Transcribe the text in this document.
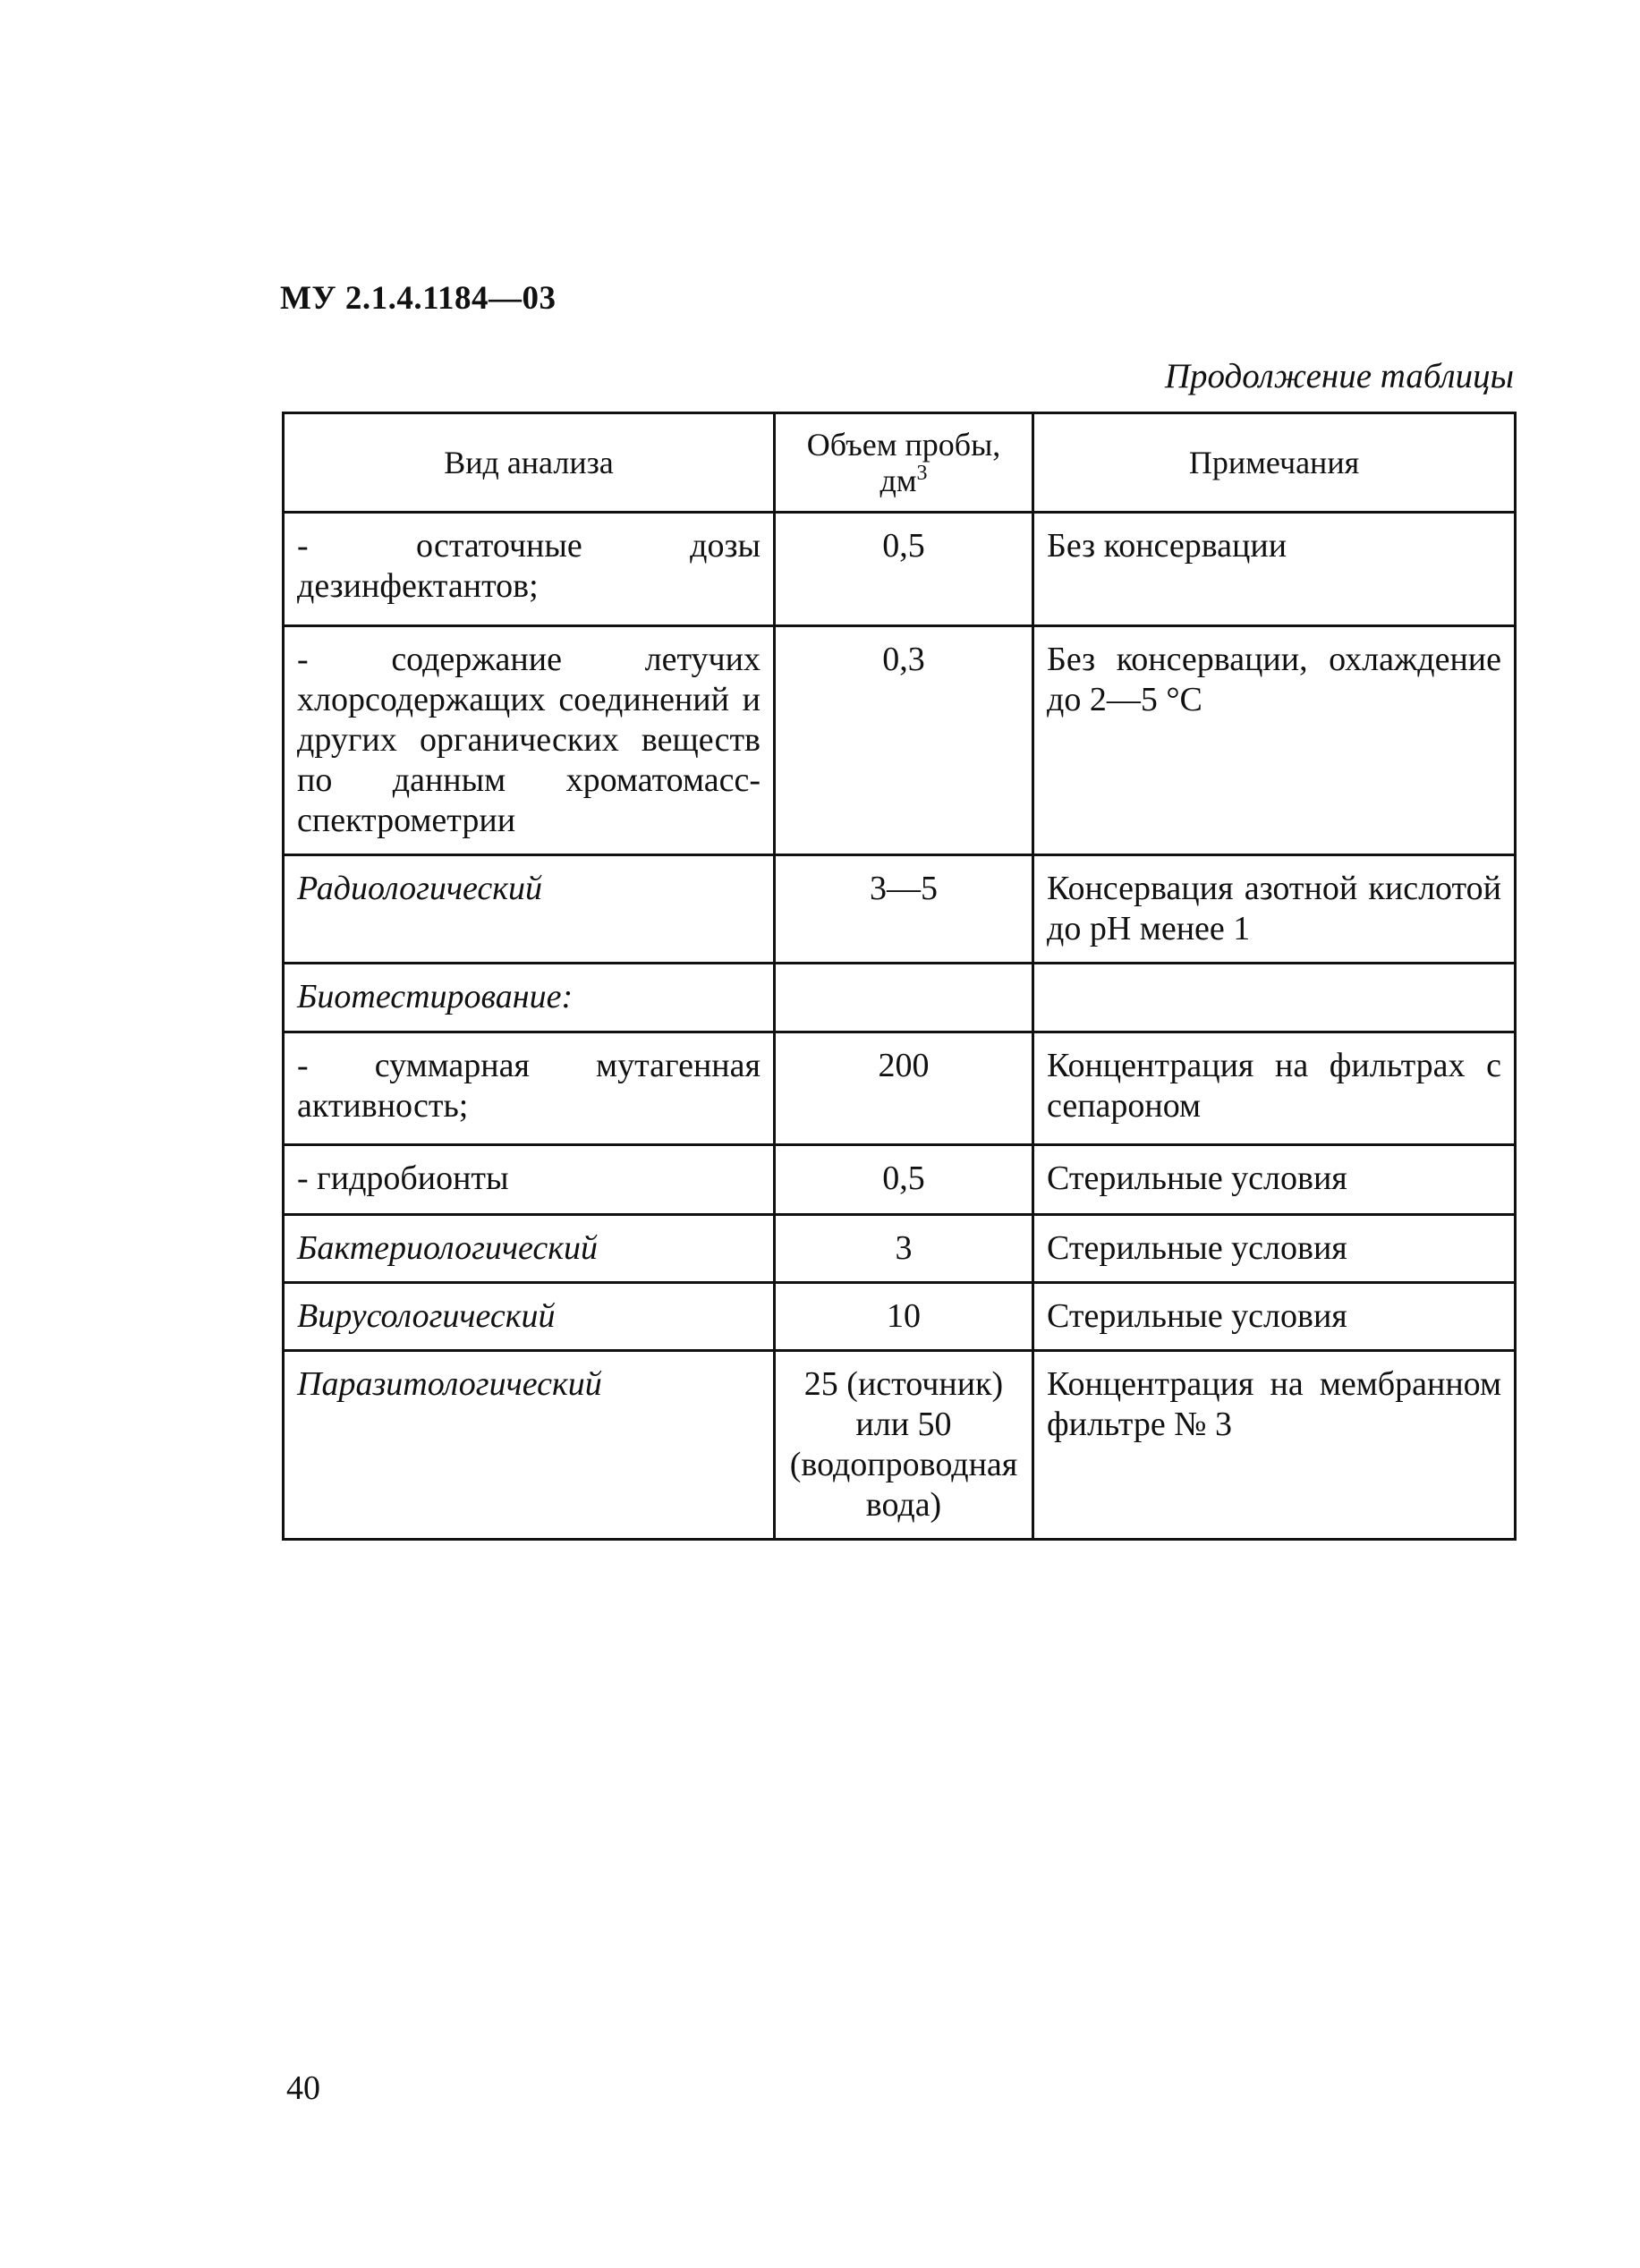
МУ 2.1.4.1184—03
Продолжение таблицы
Вид анализа	Объем пробы, $дм^3$	Примечания
- остаточные дозы дезинфектантов;	0,5	Без консервации
- содержание летучих хлорсодержащих соединений и других органических веществ по данным хроматомасс-спектрометрии	0,3	Без консервации, охлаждение до 2—5 °С
Радиологический	3—5	Консервация азотной кислотой до рН менее 1
Биотестирование:		
- суммарная мутагенная активность;	200	Концентрация на фильтрах с сепароном
- гидробионты	0,5	Стерильные условия
Бактериологический	3	Стерильные условия
Вирусологический	10	Стерильные условия
Паразитологический	25 (источник) или 50 (водопроводная вода)	Концентрация на мембранном фильтре № 3
40
